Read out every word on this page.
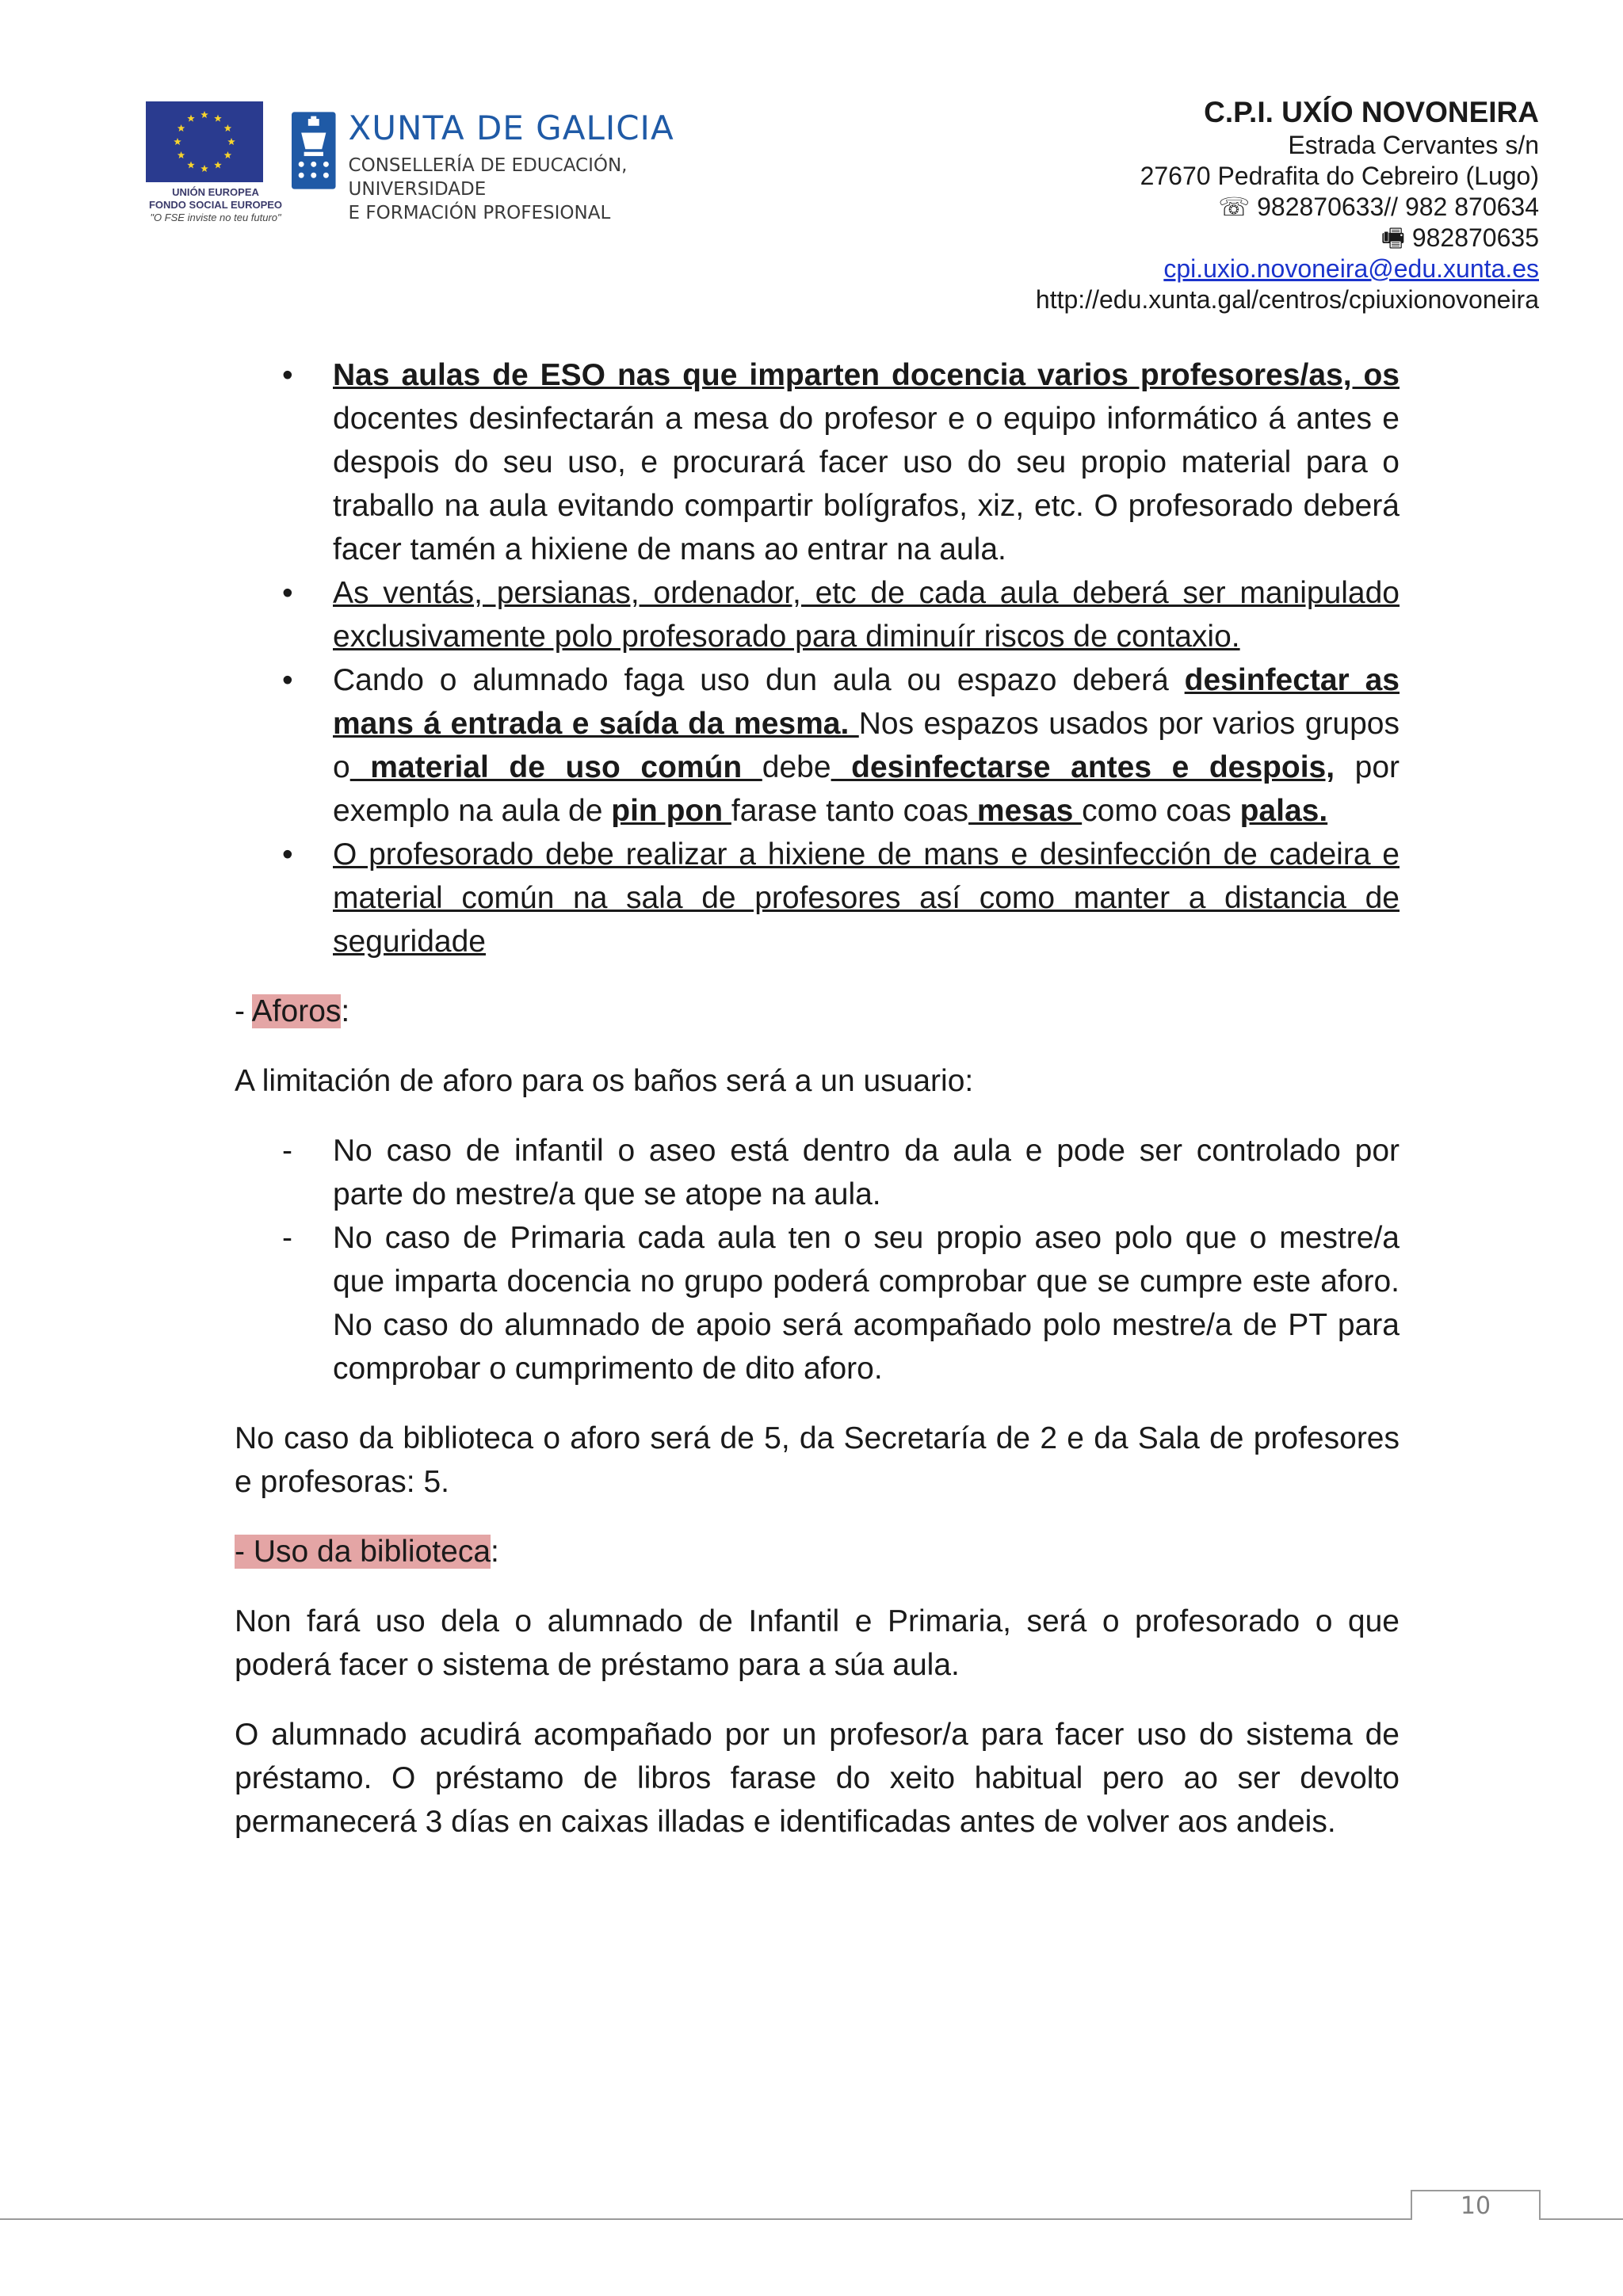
UNIÓN EUROPEA
FONDO SOCIAL EUROPEO
"O FSE inviste no teu futuro"
XUNTA DE GALICIA
CONSELLERÍA DE EDUCACIÓN, UNIVERSIDADE
E FORMACIÓN PROFESIONAL
C.P.I. UXÍO NOVONEIRA
Estrada Cervantes s/n
27670 Pedrafita do Cebreiro (Lugo)
☏ 982870633// 982 870634
🖷 982870635
cpi.uxio.novoneira@edu.xunta.es
http://edu.xunta.gal/centros/cpiuxionovoneira
• Nas aulas de ESO nas que imparten docencia varios profesores/as, os docentes desinfectarán a mesa do profesor e o equipo informático á antes e despois do seu uso, e procurará facer uso do seu propio material para o traballo na aula evitando compartir bolígrafos, xiz, etc. O profesorado deberá facer tamén a hixiene de mans ao entrar na aula.
• As ventás, persianas, ordenador, etc de cada aula deberá ser manipulado exclusivamente polo profesorado para diminuír riscos de contaxio.
• Cando o alumnado faga uso dun aula ou espazo deberá desinfectar as mans á entrada e saída da mesma. Nos espazos usados por varios grupos o material de uso común debe desinfectarse antes e despois, por exemplo na aula de pin pon farase tanto coas mesas como coas palas.
• O profesorado debe realizar a hixiene de mans e desinfección de cadeira e material común na sala de profesores así como manter a distancia de seguridade

- Aforos:

A limitación de aforo para os baños será a un usuario:

- No caso de infantil o aseo está dentro da aula e pode ser controlado por parte do mestre/a que se atope na aula.
- No caso de Primaria cada aula ten o seu propio aseo polo que o mestre/a que imparta docencia no grupo poderá comprobar que se cumpre este aforo. No caso do alumnado de apoio será acompañado polo mestre/a de PT para comprobar o cumprimento de dito aforo.

No caso da biblioteca o aforo será de 5, da Secretaría de 2 e da Sala de profesores e profesoras: 5.

- Uso da biblioteca:

Non fará uso dela o alumnado de Infantil e Primaria, será o profesorado o que poderá facer o sistema de préstamo para a súa aula.

O alumnado acudirá acompañado por un profesor/a para facer uso do sistema de préstamo. O préstamo de libros farase do xeito habitual pero ao ser devolto permanecerá 3 días en caixas illadas e identificadas antes de volver aos andeis.

10
